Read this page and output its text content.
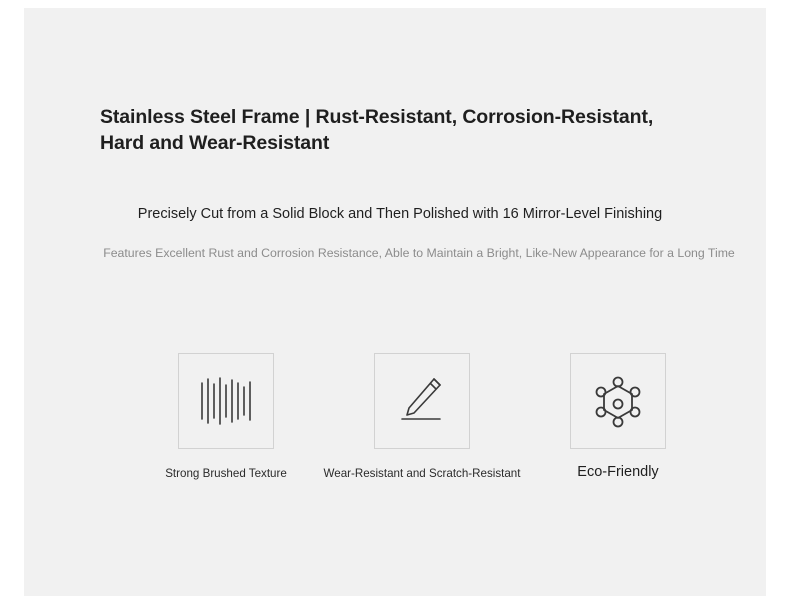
Stainless Steel Frame | Rust-Resistant, Corrosion-Resistant, Hard and Wear-Resistant
Precisely Cut from a Solid Block and Then Polished with 16 Mirror-Level Finishing
Features Excellent Rust and Corrosion Resistance, Able to Maintain a Bright, Like-New Appearance for a Long Time
Strong Brushed Texture	Wear-Resistant and Scratch-Resistant	Eco-Friendly
